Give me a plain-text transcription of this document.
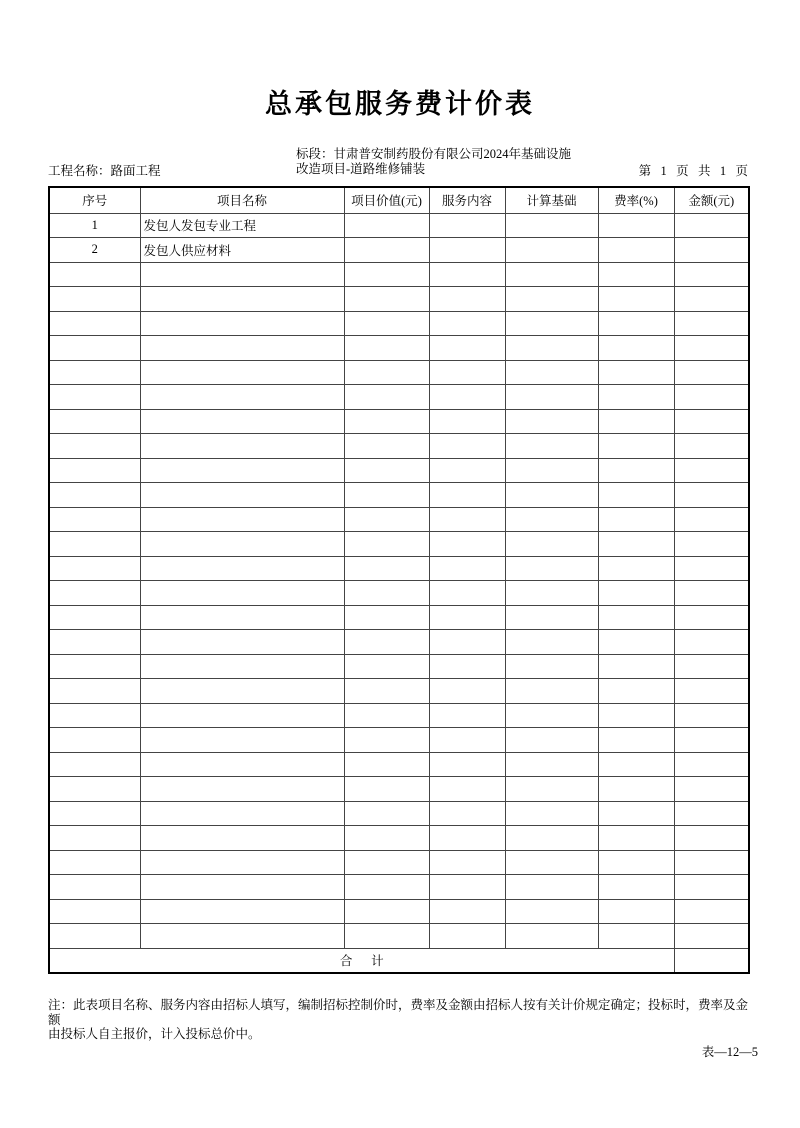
总承包服务费计价表
工程名称：路面工程
标段：甘肃普安制药股份有限公司2024年基础设施
改造项目-道路维修铺装	第   1   页   共   1   页
序号	项目名称	项目价值(元)	服务内容	计算基础	费率(%)	金额(元)
1	发包人发包专业工程					
2	发包人供应材料					

合      计						
注：此表项目名称、服务内容由招标人填写，编制招标控制价时，费率及金额由招标人按有关计价规定确定；投标时，费率及金额
由投标人自主报价，计入投标总价中。
表—12—5
